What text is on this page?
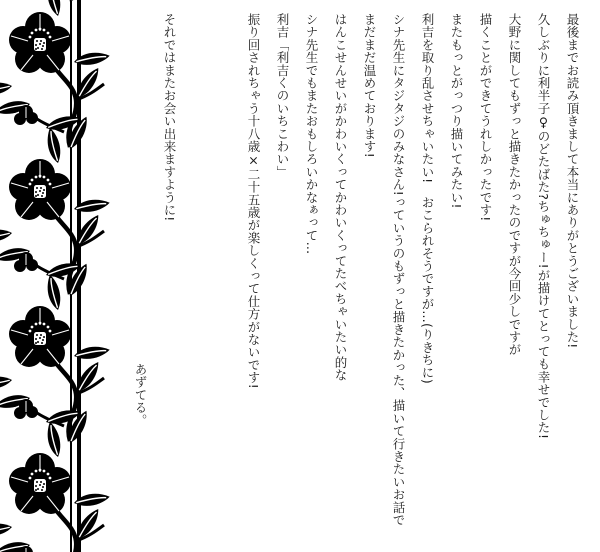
最後までお読み頂きまして本当にありがとうございました!

久しぶりに利半子♀のどたばた?ちゅちゅー!が描けてとっても幸せでした!

大野に関してもずっと描きたかったのですが今回少しですが

描くことができてうれしかったです!

またもっとがっつり描いてみたい!

利吉を取り乱させちゃいたい!　おこられそうですが…(りきちに)

シナ先生にタジタジのみなさん!っていうのもずっと描きたかった、描いて行きたいお話で

まだまだ温めております!

はんこせんせいがかわいくってかわいくってたべちゃいたい的な

シナ先生でもまたおもしろいかなぁって…

利吉「利吉くのいちこわい」

振り回されちゃう十八歳×二十五歳が楽しくって仕方がないです!

それではまたお会い出来ますように!

あずてる。
